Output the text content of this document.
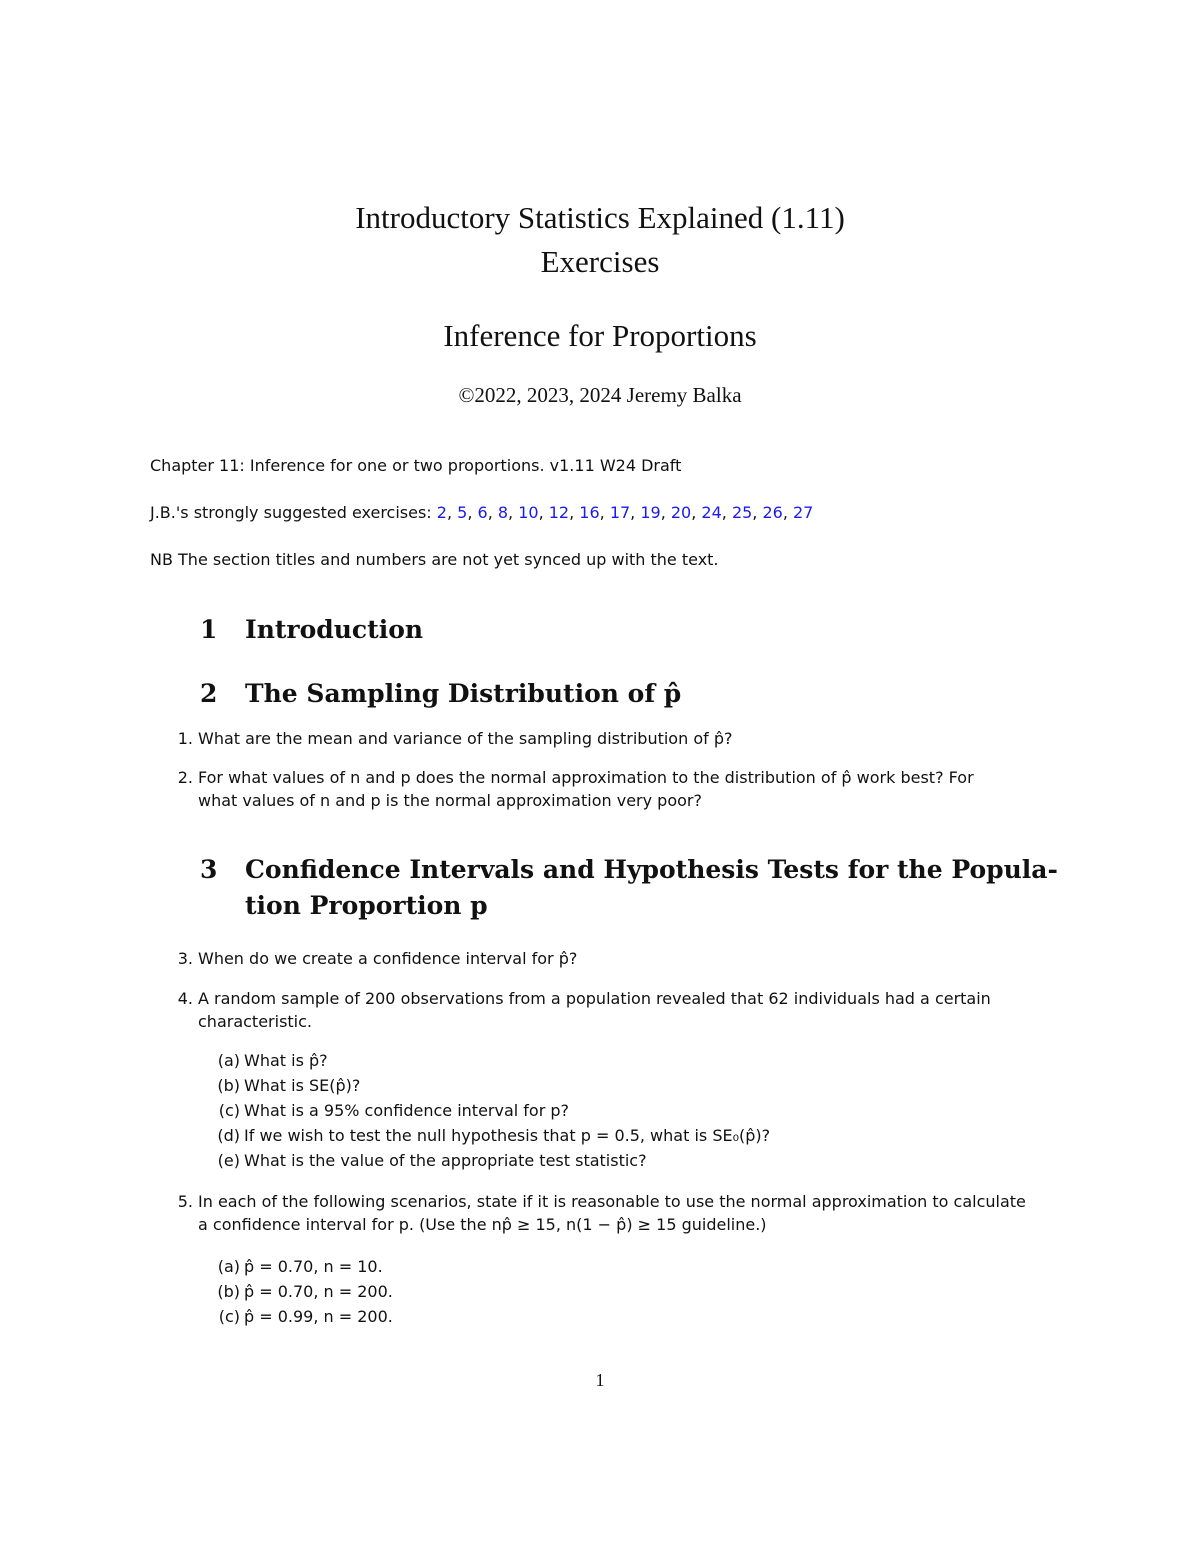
Introductory Statistics Explained (1.11)
Exercises
Inference for Proportions
©2022, 2023, 2024 Jeremy Balka
Chapter 11: Inference for one or two proportions. v1.11 W24 Draft
J.B.'s strongly suggested exercises: 2, 5, 6, 8, 10, 12, 16, 17, 19, 20, 24, 25, 26, 27
NB The section titles and numbers are not yet synced up with the text.
1	Introduction
2	The Sampling Distribution of p̂
1. What are the mean and variance of the sampling distribution of p̂?
2. For what values of n and p does the normal approximation to the distribution of p̂ work best? For
what values of n and p is the normal approximation very poor?
3	Confidence Intervals and Hypothesis Tests for the Popula-
tion Proportion p
3. When do we create a confidence interval for p̂?
4. A random sample of 200 observations from a population revealed that 62 individuals had a certain
characteristic.
(a) What is p̂?
(b) What is SE(p̂)?
(c) What is a 95% confidence interval for p?
(d) If we wish to test the null hypothesis that p = 0.5, what is SE₀(p̂)?
(e) What is the value of the appropriate test statistic?
5. In each of the following scenarios, state if it is reasonable to use the normal approximation to calculate
a confidence interval for p. (Use the np̂ ≥ 15, n(1 − p̂) ≥ 15 guideline.)
(a) p̂ = 0.70, n = 10.
(b) p̂ = 0.70, n = 200.
(c) p̂ = 0.99, n = 200.
1
